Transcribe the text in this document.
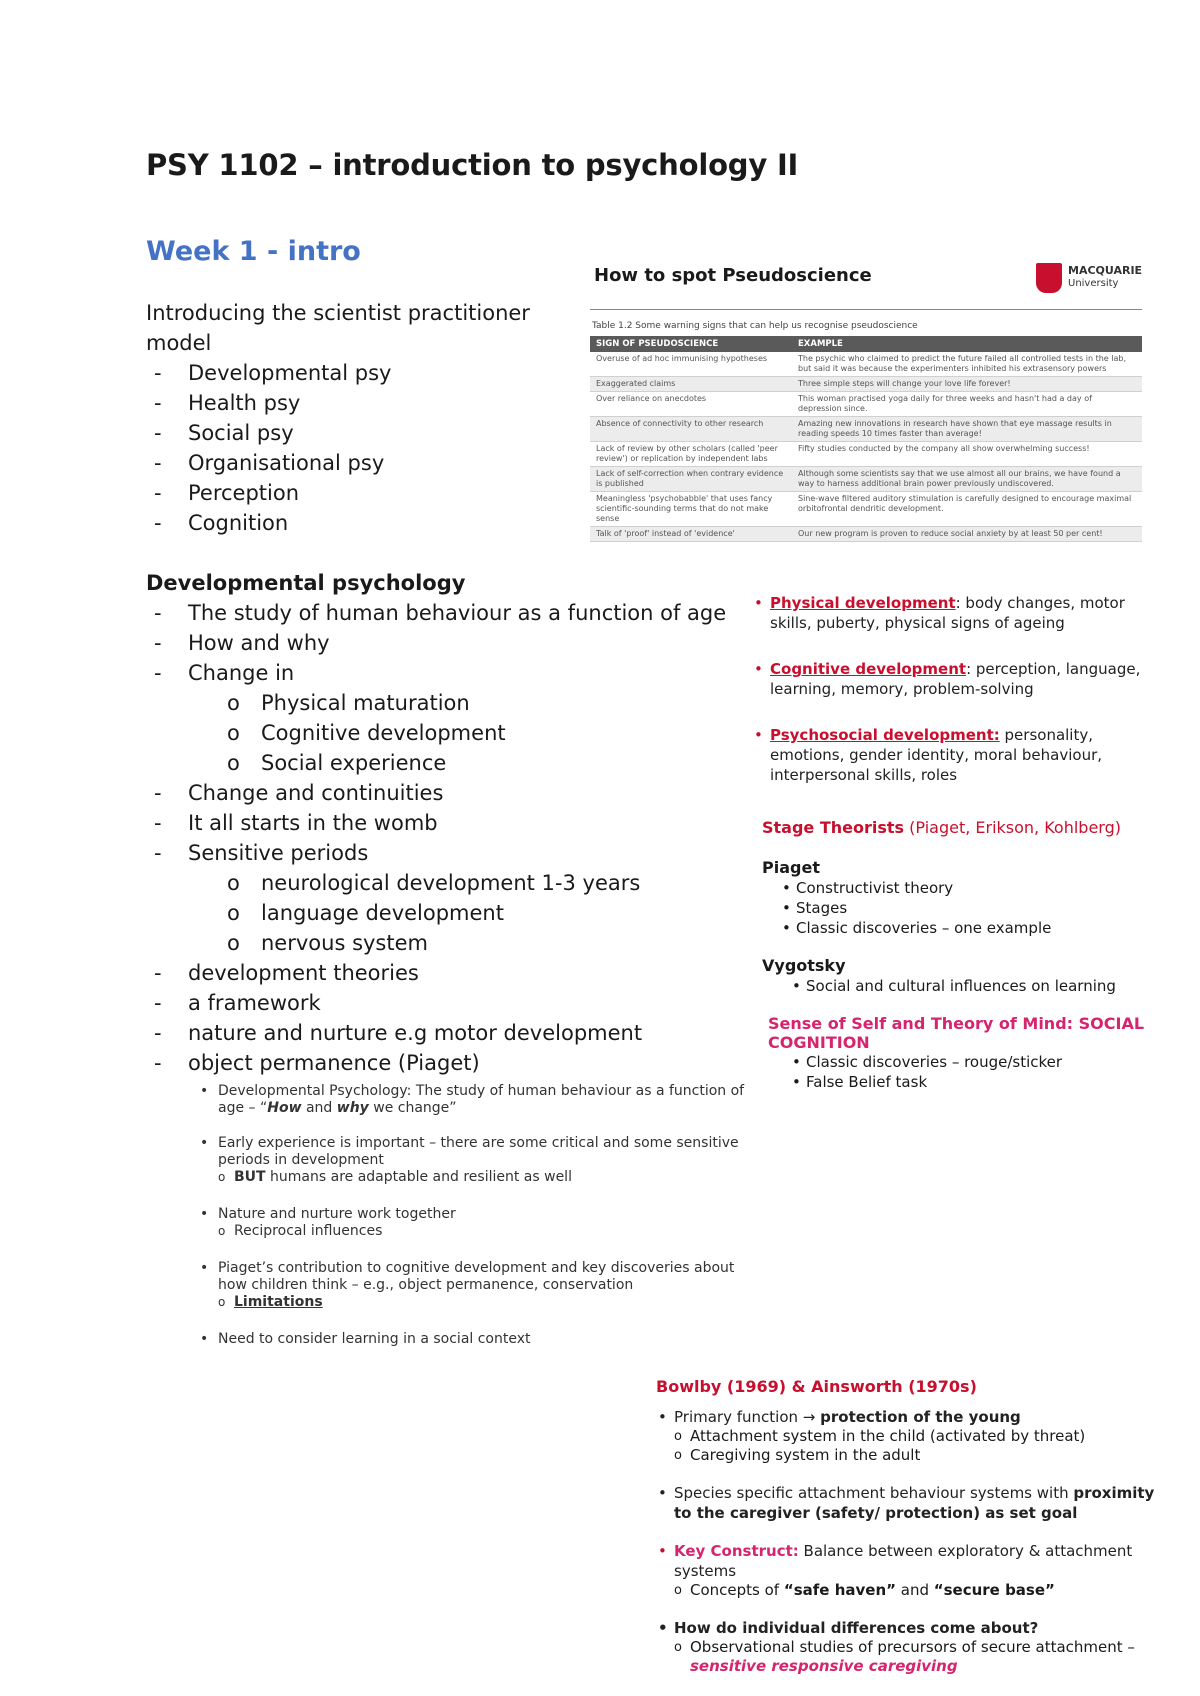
PSY 1102 – introduction to psychology II
Week 1 - intro
Introducing the scientist practitioner
model
- Developmental psy
- Health psy
- Social psy
- Organisational psy
- Perception
- Cognition
Developmental psychology
- The study of human behaviour as a function of age
- How and why
- Change in
o Physical maturation
o Cognitive development
o Social experience
- Change and continuities
- It all starts in the womb
- Sensitive periods
o neurological development 1-3 years
o language development
o nervous system
- development theories
- a framework
- nature and nurture e.g motor development
- object permanence (Piaget)
• Developmental Psychology: The study of human behaviour as a function of age – “How and why we change”
• Early experience is important – there are some critical and some sensitive periods in development
o BUT humans are adaptable and resilient as well
• Nature and nurture work together
o Reciprocal influences
• Piaget’s contribution to cognitive development and key discoveries about how children think – e.g., object permanence, conservation
o Limitations
• Need to consider learning in a social context
How to spot Pseudoscience	MACQUARIE
University
Table 1.2 Some warning signs that can help us recognise pseudoscience
SIGN OF PSEUDOSCIENCE	EXAMPLE
Overuse of ad hoc immunising hypotheses	The psychic who claimed to predict the future failed all controlled tests in the lab, but said it was because the experimenters inhibited his extrasensory powers
Exaggerated claims	Three simple steps will change your love life forever!
Over reliance on anecdotes	This woman practised yoga daily for three weeks and hasn't had a day of depression since.
Absence of connectivity to other research	Amazing new innovations in research have shown that eye massage results in reading speeds 10 times faster than average!
Lack of review by other scholars (called 'peer review') or replication by independent labs	Fifty studies conducted by the company all show overwhelming success!
Lack of self-correction when contrary evidence is published	Although some scientists say that we use almost all our brains, we have found a way to harness additional brain power previously undiscovered.
Meaningless 'psychobabble' that uses fancy scientific-sounding terms that do not make sense	Sine-wave filtered auditory stimulation is carefully designed to encourage maximal orbitofrontal dendritic development.
Talk of 'proof' instead of 'evidence'	Our new program is proven to reduce social anxiety by at least 50 per cent!
• Physical development: body changes, motor skills, puberty, physical signs of ageing
• Cognitive development: perception, language, learning, memory, problem-solving
• Psychosocial development: personality, emotions, gender identity, moral behaviour, interpersonal skills, roles
Stage Theorists (Piaget, Erikson, Kohlberg)
Piaget
• Constructivist theory
• Stages
• Classic discoveries – one example
Vygotsky
• Social and cultural influences on learning
Sense of Self and Theory of Mind: SOCIAL COGNITION
• Classic discoveries – rouge/sticker
• False Belief task
Bowlby (1969) & Ainsworth (1970s)
• Primary function → protection of the young
o Attachment system in the child (activated by threat)
o Caregiving system in the adult
• Species specific attachment behaviour systems with proximity to the caregiver (safety/ protection) as set goal
• Key Construct: Balance between exploratory & attachment systems
o Concepts of “safe haven” and “secure base”
• How do individual differences come about?
o Observational studies of precursors of secure attachment –
sensitive responsive caregiving
